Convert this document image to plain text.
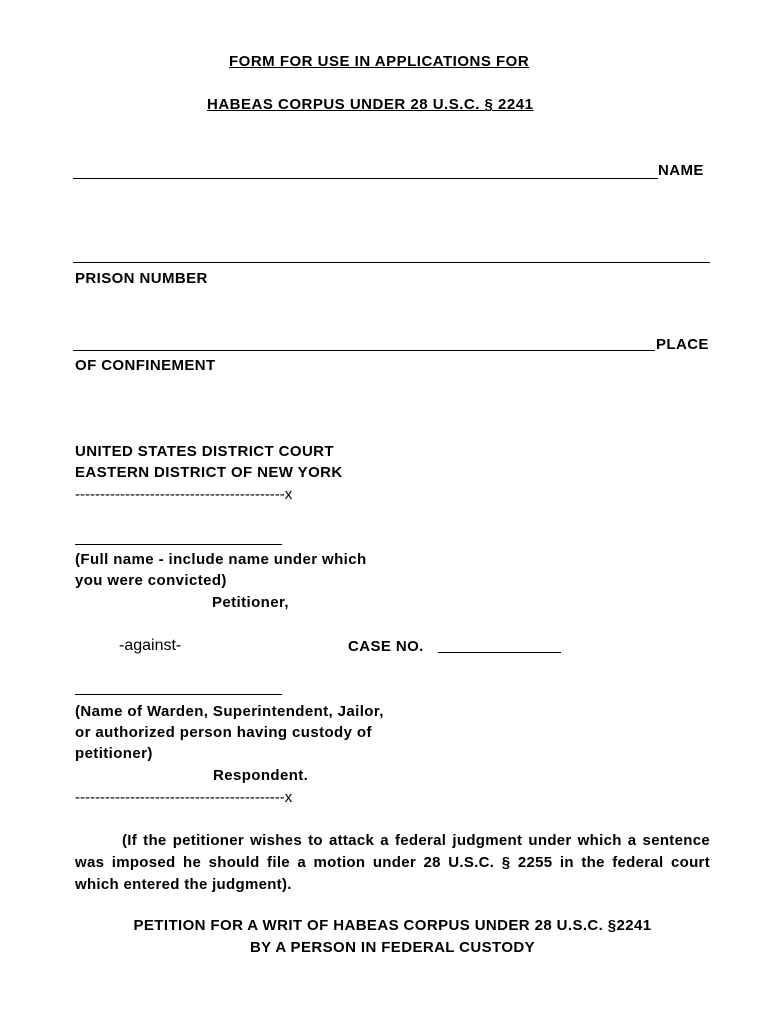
FORM FOR USE IN APPLICATIONS FOR
HABEAS CORPUS UNDER 28 U.S.C. § 2241
NAME
PRISON NUMBER
PLACE
OF CONFINEMENT
UNITED STATES DISTRICT COURT
EASTERN DISTRICT OF NEW YORK
------------------------------------------x
(Full name - include name under which
you were convicted)
Petitioner,
-against-	CASE NO.
(Name of Warden, Superintendent, Jailor,
or authorized person having custody of
petitioner)
Respondent.
------------------------------------------x
(If the petitioner wishes to attack a federal judgment under which a sentence was imposed he should file a motion under 28 U.S.C. § 2255 in the federal court which entered the judgment).
PETITION FOR A WRIT OF HABEAS CORPUS UNDER 28 U.S.C. §2241
BY A PERSON IN FEDERAL CUSTODY
